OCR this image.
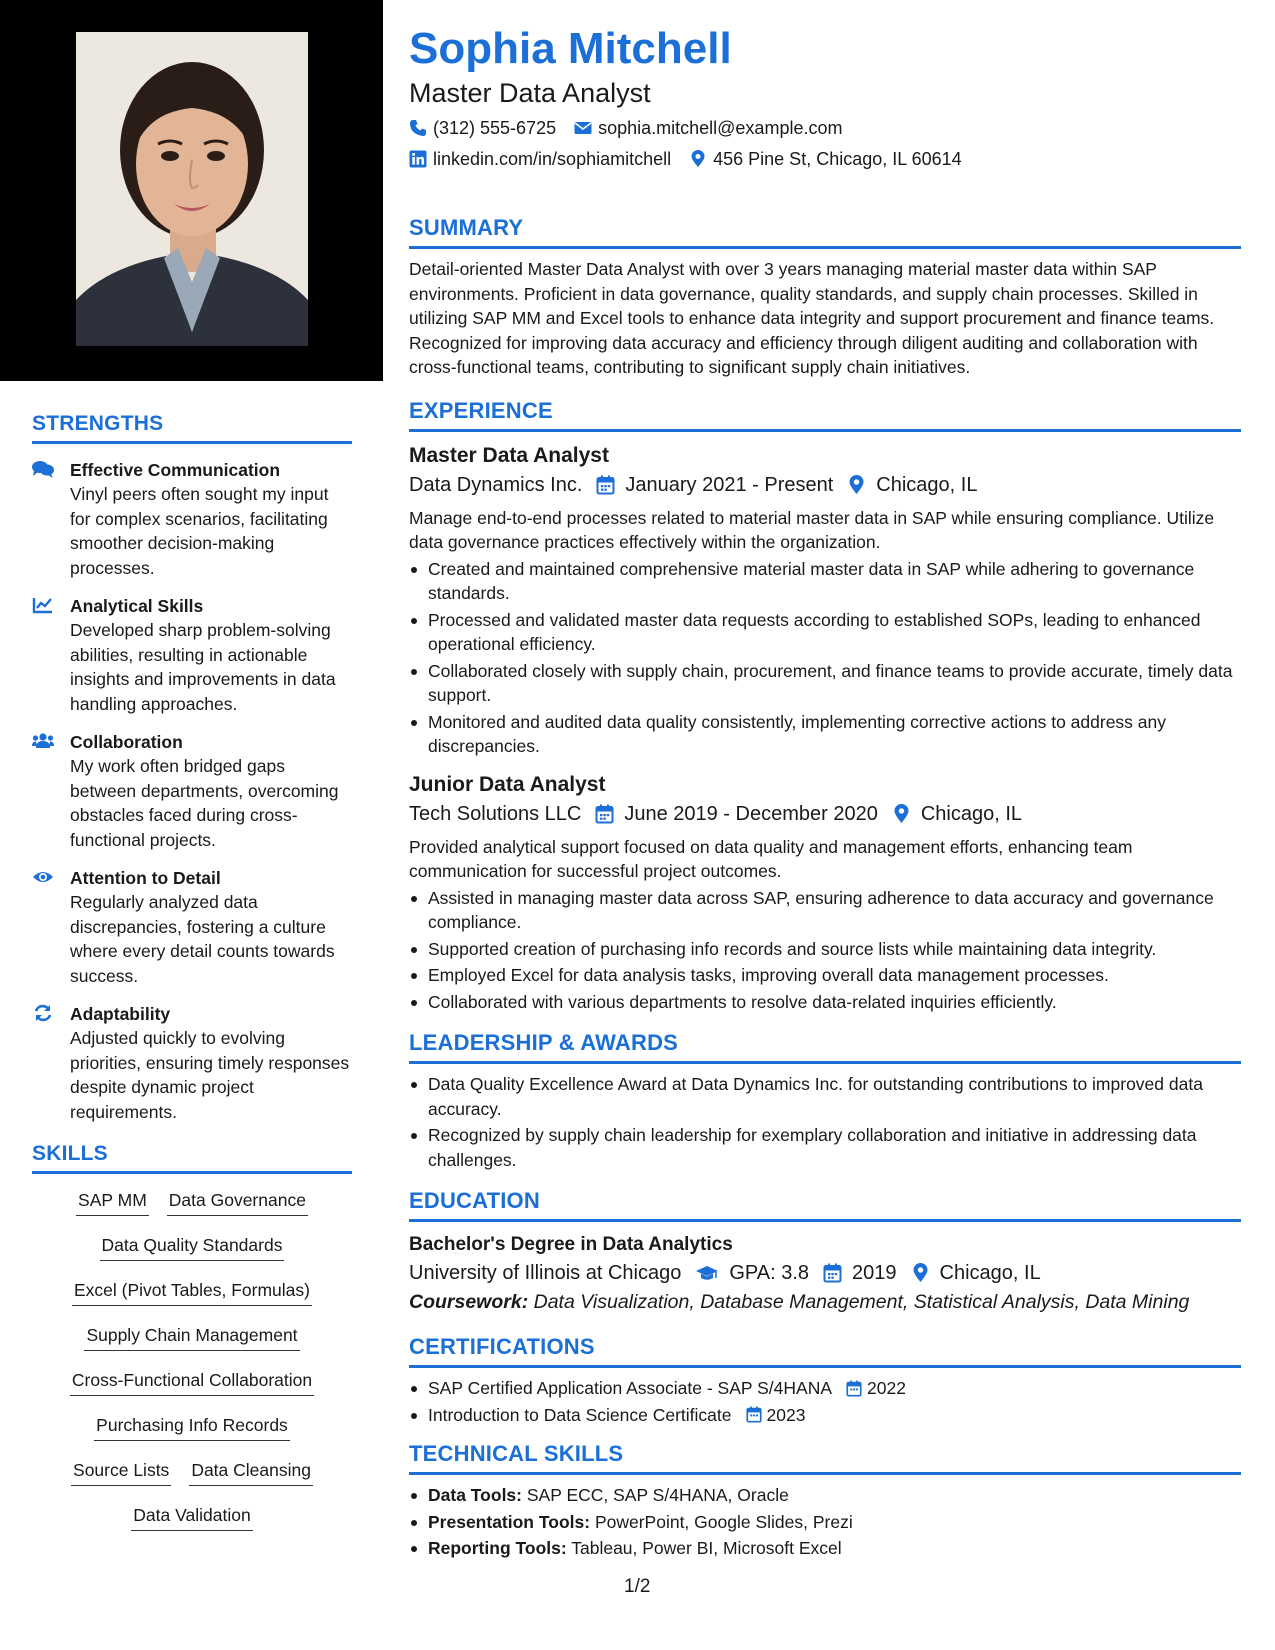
STRENGTHS
Effective Communication
Vinyl peers often sought my input for complex scenarios, facilitating smoother decision-making processes.
Analytical Skills
Developed sharp problem-solving abilities, resulting in actionable insights and improvements in data handling approaches.
Collaboration
My work often bridged gaps between departments, overcoming obstacles faced during cross-functional projects.
Attention to Detail
Regularly analyzed data discrepancies, fostering a culture where every detail counts towards success.
Adaptability
Adjusted quickly to evolving priorities, ensuring timely responses despite dynamic project requirements.
SKILLS
SAP MM Data Governance
Data Quality Standards
Excel (Pivot Tables, Formulas)
Supply Chain Management
Cross-Functional Collaboration
Purchasing Info Records
Source Lists Data Cleansing
Data Validation
Sophia Mitchell
Master Data Analyst
(312) 555-6725 sophia.mitchell@example.com
linkedin.com/in/sophiamitchell 456 Pine St, Chicago, IL 60614
SUMMARY
Detail-oriented Master Data Analyst with over 3 years managing material master data within SAP environments. Proficient in data governance, quality standards, and supply chain processes. Skilled in utilizing SAP MM and Excel tools to enhance data integrity and support procurement and finance teams. Recognized for improving data accuracy and efficiency through diligent auditing and collaboration with cross-functional teams, contributing to significant supply chain initiatives.
EXPERIENCE
Master Data Analyst
Data Dynamics Inc. January 2021 - Present Chicago, IL
Manage end-to-end processes related to material master data in SAP while ensuring compliance. Utilize data governance practices effectively within the organization.
Created and maintained comprehensive material master data in SAP while adhering to governance standards.
Processed and validated master data requests according to established SOPs, leading to enhanced operational efficiency.
Collaborated closely with supply chain, procurement, and finance teams to provide accurate, timely data support.
Monitored and audited data quality consistently, implementing corrective actions to address any discrepancies.
Junior Data Analyst
Tech Solutions LLC June 2019 - December 2020 Chicago, IL
Provided analytical support focused on data quality and management efforts, enhancing team communication for successful project outcomes.
Assisted in managing master data across SAP, ensuring adherence to data accuracy and governance compliance.
Supported creation of purchasing info records and source lists while maintaining data integrity.
Employed Excel for data analysis tasks, improving overall data management processes.
Collaborated with various departments to resolve data-related inquiries efficiently.
LEADERSHIP & AWARDS
Data Quality Excellence Award at Data Dynamics Inc. for outstanding contributions to improved data accuracy.
Recognized by supply chain leadership for exemplary collaboration and initiative in addressing data challenges.
EDUCATION
Bachelor's Degree in Data Analytics
University of Illinois at Chicago GPA: 3.8 2019 Chicago, IL
Coursework: Data Visualization, Database Management, Statistical Analysis, Data Mining
CERTIFICATIONS
SAP Certified Application Associate - SAP S/4HANA 2022
Introduction to Data Science Certificate 2023
TECHNICAL SKILLS
Data Tools: SAP ECC, SAP S/4HANA, Oracle
Presentation Tools: PowerPoint, Google Slides, Prezi
Reporting Tools: Tableau, Power BI, Microsoft Excel
1/2
